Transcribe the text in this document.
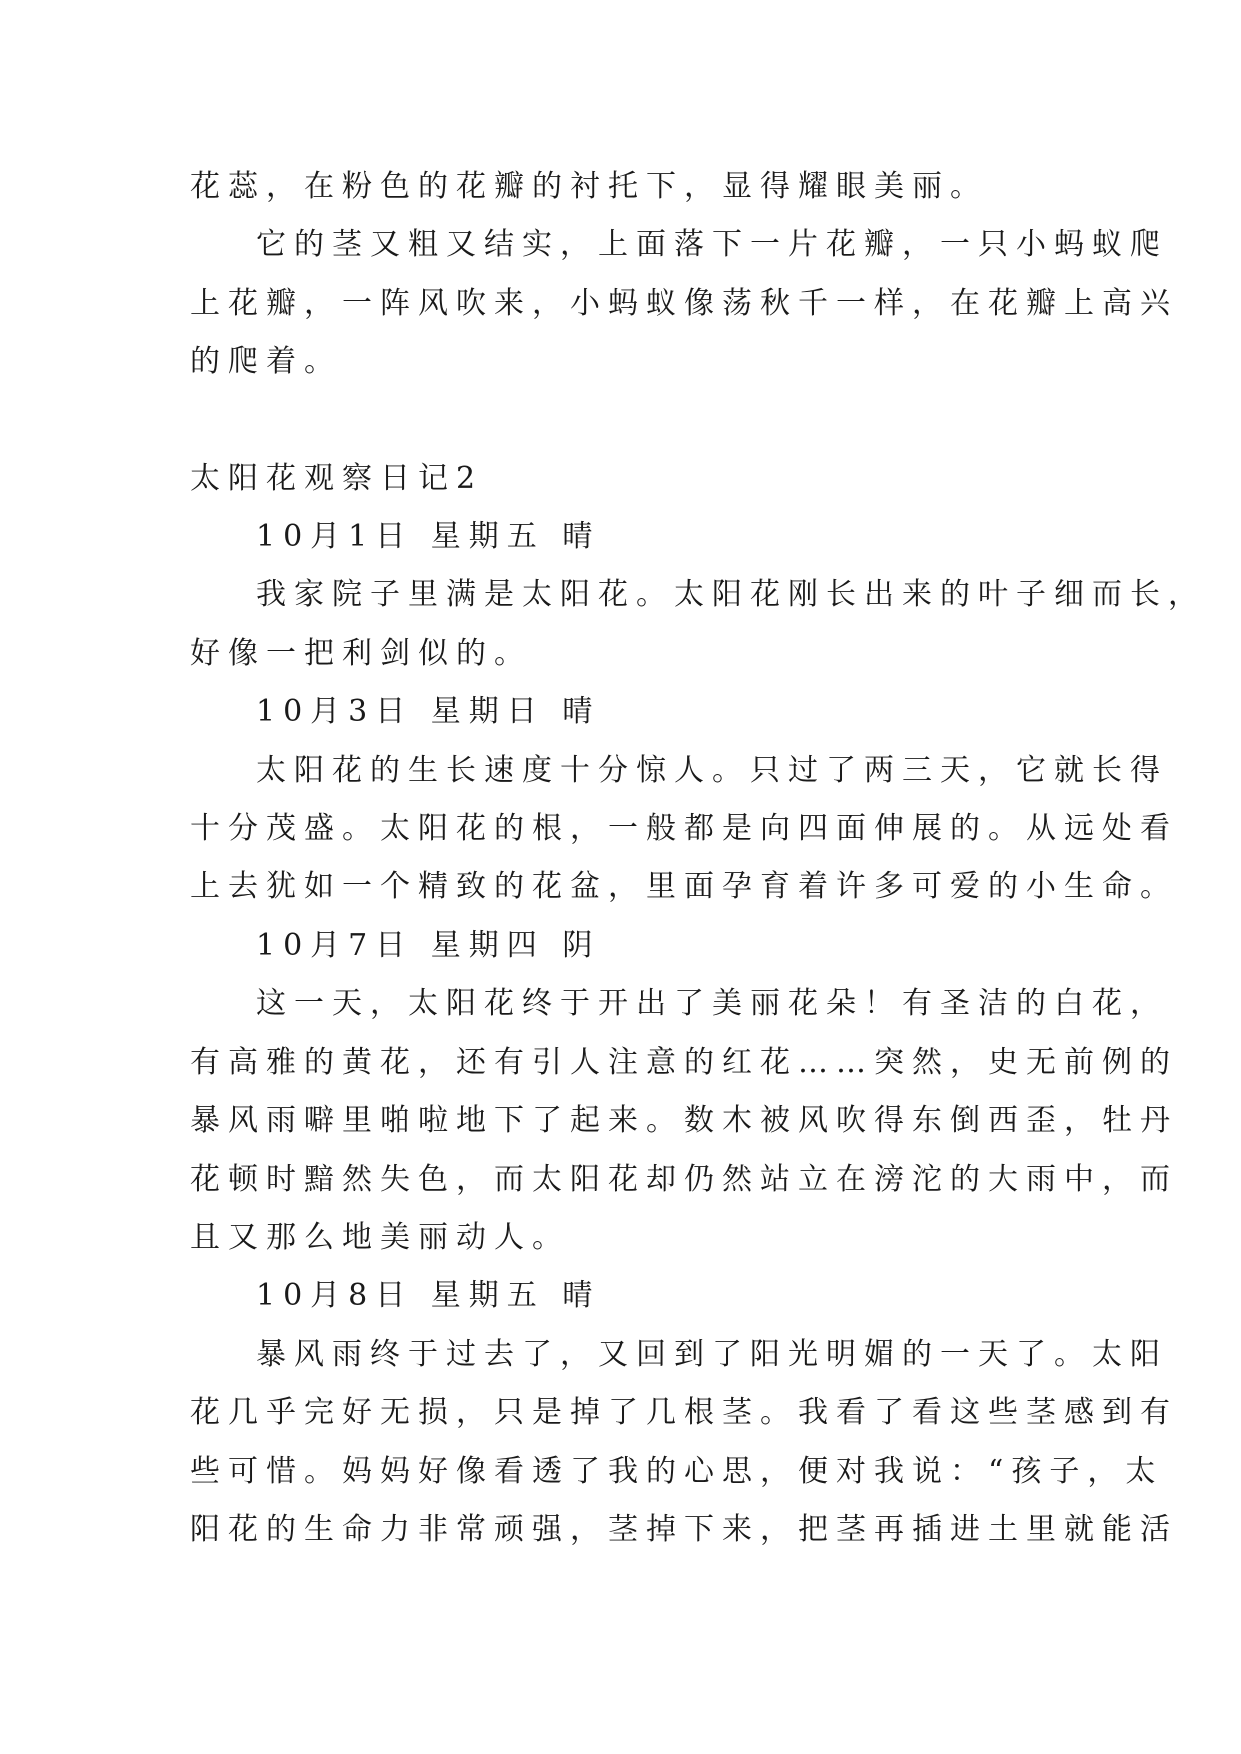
花蕊，在粉色的花瓣的衬托下，显得耀眼美丽。
它的茎又粗又结实，上面落下一片花瓣，一只小蚂蚁爬
上花瓣，一阵风吹来，小蚂蚁像荡秋千一样，在花瓣上高兴
的爬着。
太阳花观察日记2
10月1日 星期五 晴
我家院子里满是太阳花。太阳花刚长出来的叶子细而长，
好像一把利剑似的。
10月3日 星期日 晴
太阳花的生长速度十分惊人。只过了两三天，它就长得
十分茂盛。太阳花的根，一般都是向四面伸展的。从远处看
上去犹如一个精致的花盆，里面孕育着许多可爱的小生命。
10月7日 星期四 阴
这一天，太阳花终于开出了美丽花朵！有圣洁的白花，
有高雅的黄花，还有引人注意的红花……突然，史无前例的
暴风雨噼里啪啦地下了起来。数木被风吹得东倒西歪，牡丹
花顿时黯然失色，而太阳花却仍然站立在滂沱的大雨中，而
且又那么地美丽动人。
10月8日 星期五 晴
暴风雨终于过去了，又回到了阳光明媚的一天了。太阳
花几乎完好无损，只是掉了几根茎。我看了看这些茎感到有
些可惜。妈妈好像看透了我的心思，便对我说：“孩子，太
阳花的生命力非常顽强，茎掉下来，把茎再插进土里就能活
